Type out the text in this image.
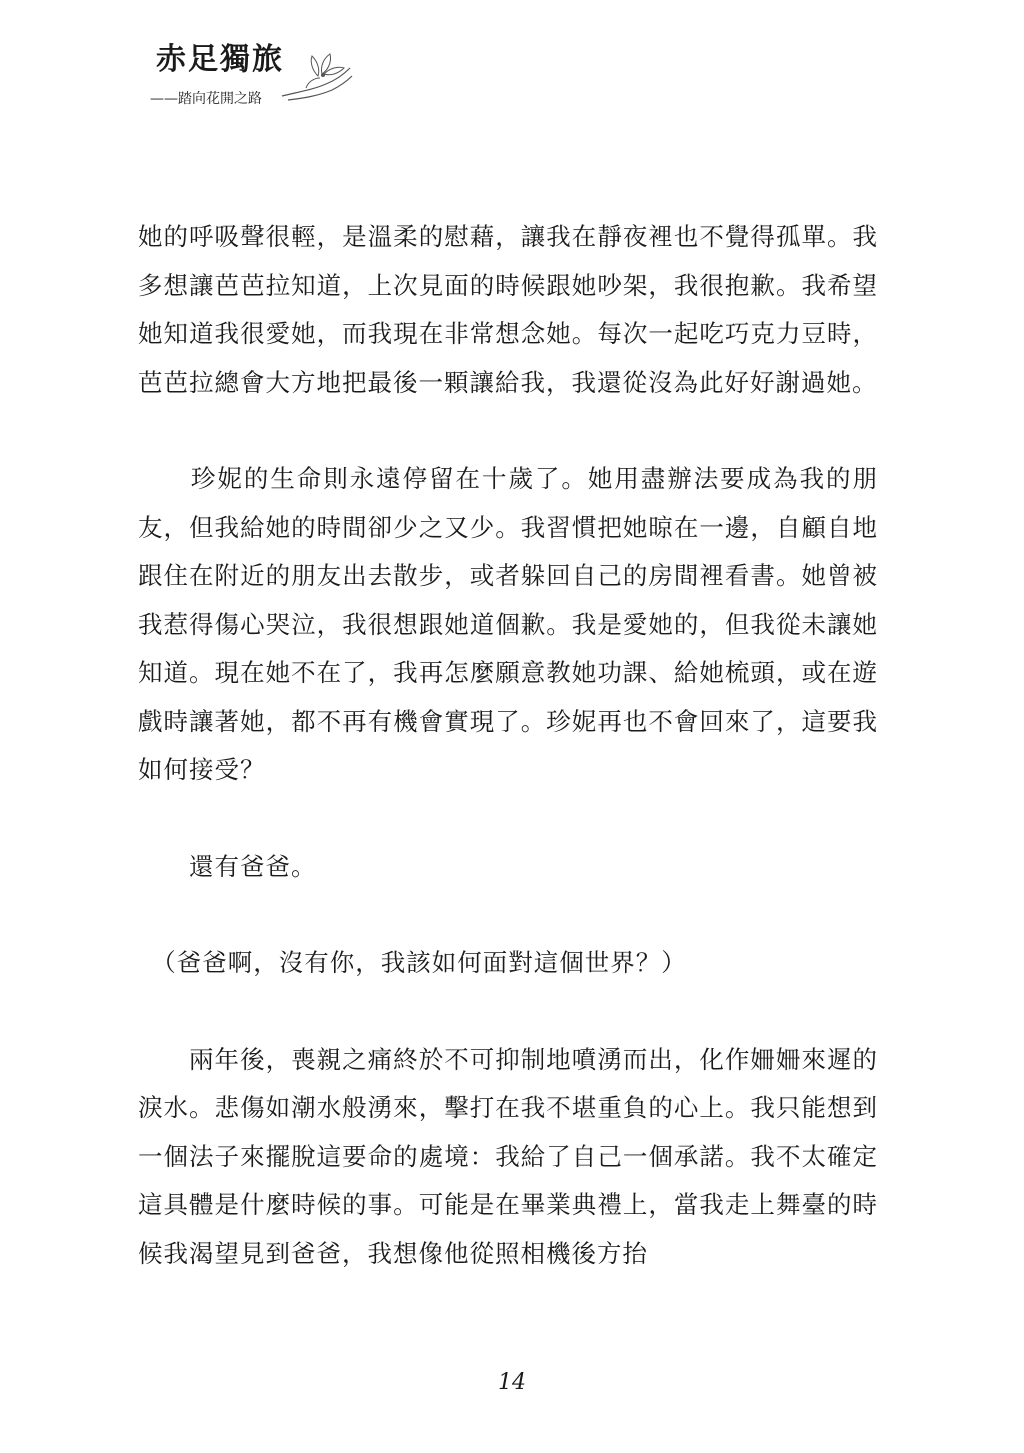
赤足獨旅
——踏向花開之路

她的呼吸聲很輕，是溫柔的慰藉，讓我在靜夜裡也不覺得孤單。我多想讓芭芭拉知道，上次見面的時候跟她吵架，我很抱歉。我希望她知道我很愛她，而我現在非常想念她。每次一起吃巧克力豆時，芭芭拉總會大方地把最後一顆讓給我，我還從沒為此好好謝過她。

　　珍妮的生命則永遠停留在十歲了。她用盡辦法要成為我的朋友，但我給她的時間卻少之又少。我習慣把她晾在一邊，自顧自地跟住在附近的朋友出去散步，或者躲回自己的房間裡看書。她曾被我惹得傷心哭泣，我很想跟她道個歉。我是愛她的，但我從未讓她知道。現在她不在了，我再怎麼願意教她功課、給她梳頭，或在遊戲時讓著她，都不再有機會實現了。珍妮再也不會回來了，這要我如何接受？

　　還有爸爸。

　（爸爸啊，沒有你，我該如何面對這個世界？）

　　兩年後，喪親之痛終於不可抑制地噴湧而出，化作姍姍來遲的淚水。悲傷如潮水般湧來，擊打在我不堪重負的心上。我只能想到一個法子來擺脫這要命的處境：我給了自己一個承諾。我不太確定這具體是什麼時候的事。可能是在畢業典禮上，當我走上舞臺的時候我渴望見到爸爸，我想像他從照相機後方抬

14
